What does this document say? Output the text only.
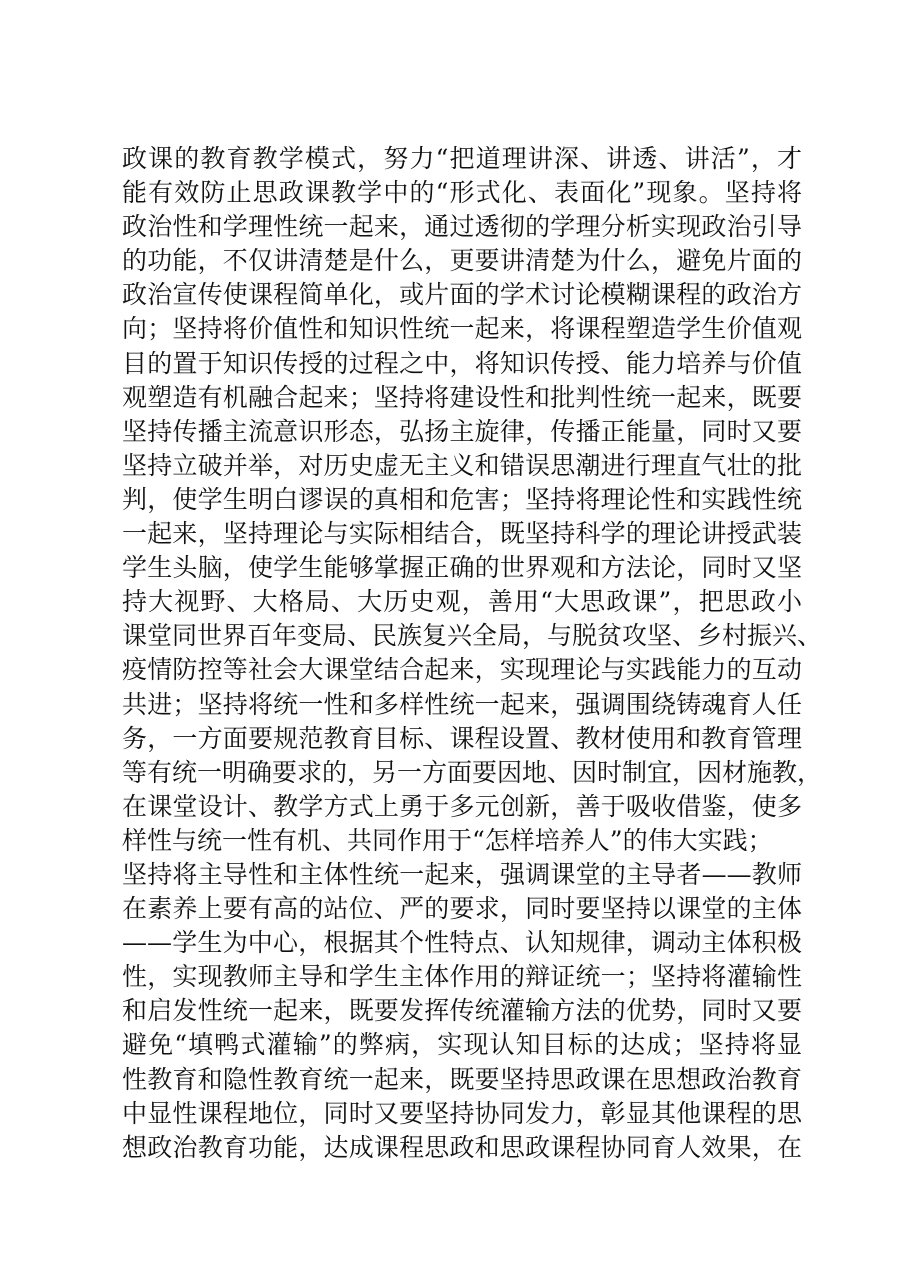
政课的教育教学模式，努力“把道理讲深、讲透、讲活”，才
能有效防止思政课教学中的“形式化、表面化”现象。坚持将
政治性和学理性统一起来，通过透彻的学理分析实现政治引导
的功能，不仅讲清楚是什么，更要讲清楚为什么，避免片面的
政治宣传使课程简单化，或片面的学术讨论模糊课程的政治方
向；坚持将价值性和知识性统一起来，将课程塑造学生价值观
目的置于知识传授的过程之中，将知识传授、能力培养与价值
观塑造有机融合起来；坚持将建设性和批判性统一起来，既要
坚持传播主流意识形态，弘扬主旋律，传播正能量，同时又要
坚持立破并举，对历史虚无主义和错误思潮进行理直气壮的批
判，使学生明白谬误的真相和危害；坚持将理论性和实践性统
一起来，坚持理论与实际相结合，既坚持科学的理论讲授武装
学生头脑，使学生能够掌握正确的世界观和方法论，同时又坚
持大视野、大格局、大历史观，善用“大思政课”，把思政小
课堂同世界百年变局、民族复兴全局，与脱贫攻坚、乡村振兴、
疫情防控等社会大课堂结合起来，实现理论与实践能力的互动
共进；坚持将统一性和多样性统一起来，强调围绕铸魂育人任
务，一方面要规范教育目标、课程设置、教材使用和教育管理
等有统一明确要求的，另一方面要因地、因时制宜，因材施教，
在课堂设计、教学方式上勇于多元创新，善于吸收借鉴，使多
样性与统一性有机、共同作用于“怎样培养人”的伟大实践；
坚持将主导性和主体性统一起来，强调课堂的主导者——教师
在素养上要有高的站位、严的要求，同时要坚持以课堂的主体
——学生为中心，根据其个性特点、认知规律，调动主体积极
性，实现教师主导和学生主体作用的辩证统一；坚持将灌输性
和启发性统一起来，既要发挥传统灌输方法的优势，同时又要
避免“填鸭式灌输”的弊病，实现认知目标的达成；坚持将显
性教育和隐性教育统一起来，既要坚持思政课在思想政治教育
中显性课程地位，同时又要坚持协同发力，彰显其他课程的思
想政治教育功能，达成课程思政和思政课程协同育人效果，在
